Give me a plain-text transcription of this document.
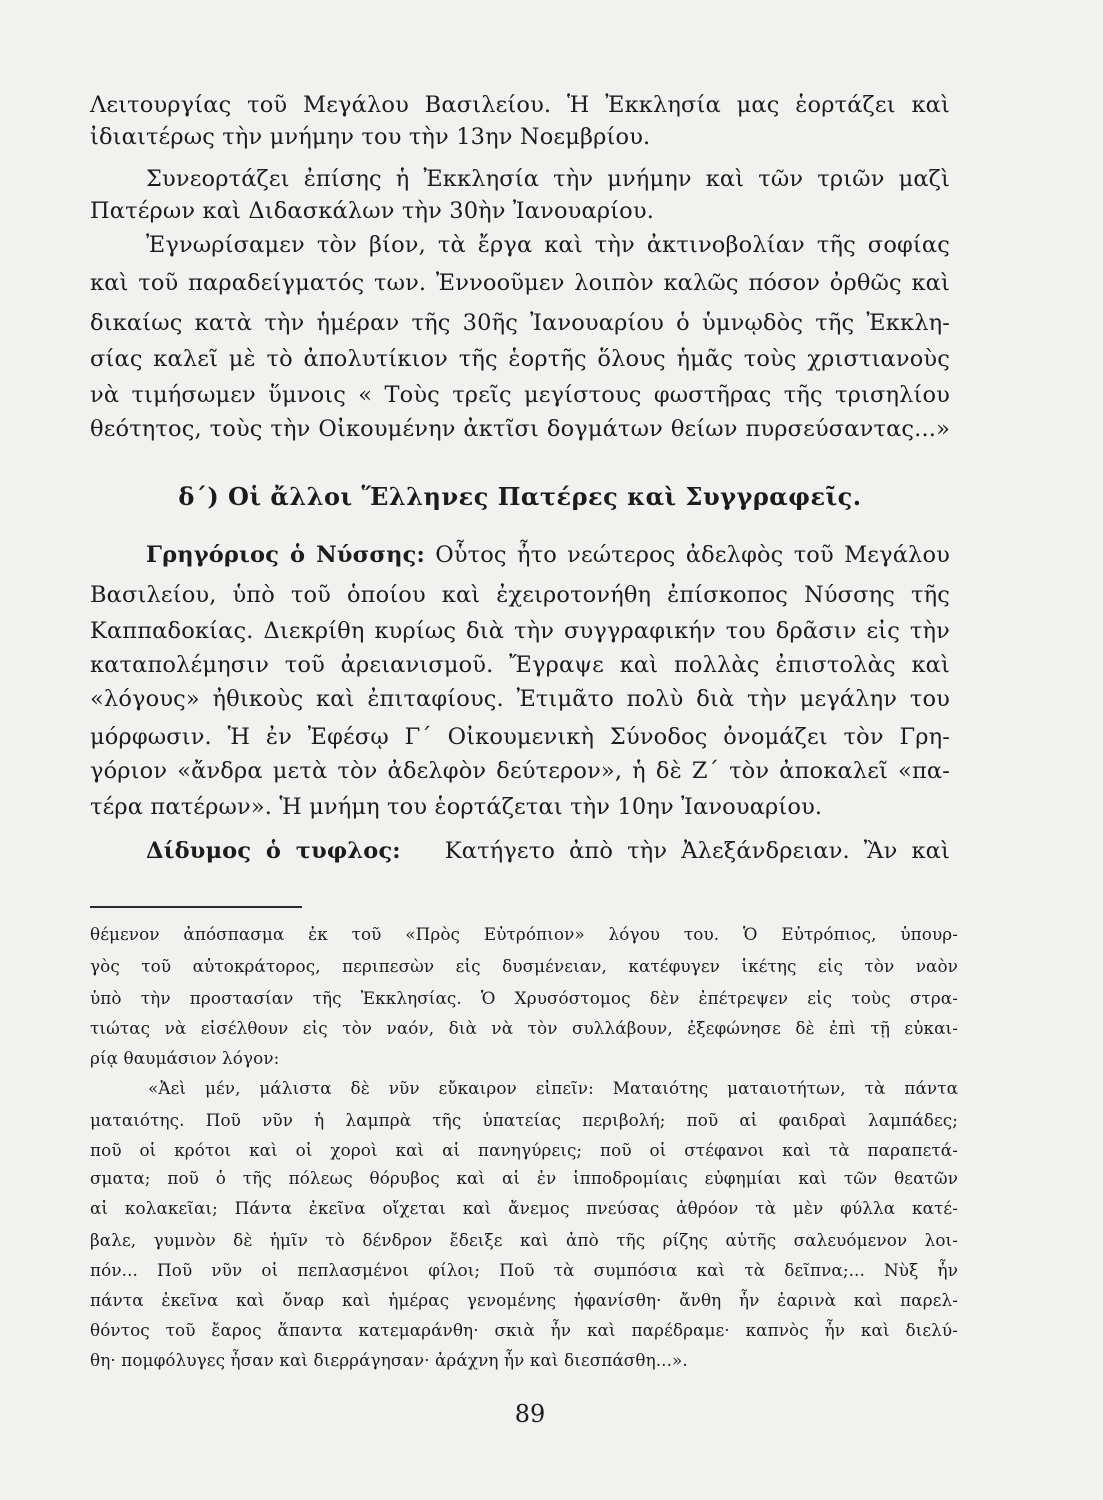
Λειτουργίας τοῦ Μεγάλου Βασιλείου. Ἡ Ἐκκλησία μας ἑορτάζει καὶ
ἰδιαιτέρως τὴν μνήμην του τὴν 13ην Νοεμβρίου.
Συνεορτάζει ἐπίσης ἡ Ἐκκλησία τὴν μνήμην καὶ τῶν τριῶν μαζὶ
Πατέρων καὶ Διδασκάλων τὴν 30ὴν Ἰανουαρίου.
Ἐγνωρίσαμεν τὸν βίον, τὰ ἔργα καὶ τὴν ἀκτινοβολίαν τῆς σοφίας
καὶ τοῦ παραδείγματός των. Ἐννοοῦμεν λοιπὸν καλῶς πόσον ὀρθῶς καὶ
δικαίως κατὰ τὴν ἡμέραν τῆς 30ῆς Ἰανουαρίου ὁ ὑμνῳδὸς τῆς Ἐκκλη-
σίας καλεῖ μὲ τὸ ἀπολυτίκιον τῆς ἑορτῆς ὅλους ἡμᾶς τοὺς χριστιανοὺς
νὰ τιμήσωμεν ὕμνοις « Τοὺς τρεῖς μεγίστους φωστῆρας τῆς τρισηλίου
θεότητος, τοὺς τὴν Οἰκουμένην ἀκτῖσι δογμάτων θείων πυρσεύσαντας...»
δ΄) Οἱ ἄλλοι Ἕλληνες Πατέρες καὶ Συγγραφεῖς.
Γρηγόριος ὁ Νύσσης: Οὗτος ἦτο νεώτερος ἀδελφὸς τοῦ Μεγάλου
Βασιλείου, ὑπὸ τοῦ ὁποίου καὶ ἐχειροτονήθη ἐπίσκοπος Νύσσης τῆς
Καππαδοκίας. Διεκρίθη κυρίως διὰ τὴν συγγραφικήν του δρᾶσιν εἰς τὴν
καταπολέμησιν τοῦ ἀρειανισμοῦ. Ἔγραψε καὶ πολλὰς ἐπιστολὰς καὶ
«λόγους» ἠθικοὺς καὶ ἐπιταφίους. Ἐτιμᾶτο πολὺ διὰ τὴν μεγάλην του
μόρφωσιν. Ἡ ἐν Ἐφέσῳ Γ΄ Οἰκουμενικὴ Σύνοδος ὀνομάζει τὸν Γρη-
γόριον «ἄνδρα μετὰ τὸν ἀδελφὸν δεύτερον», ἡ δὲ Ζ΄ τὸν ἀποκαλεῖ «πα-
τέρα πατέρων». Ἡ μνήμη του ἑορτάζεται τὴν 10ην Ἰανουαρίου.
Δίδυμος ὁ τυφλος: Κατήγετο ἀπὸ τὴν Ἀλεξάνδρειαν. Ἂν καὶ
θέμενον ἀπόσπασμα ἐκ τοῦ «Πρὸς Εὐτρόπιον» λόγου του. Ὁ Εὐτρόπιος, ὑπουρ-
γὸς τοῦ αὐτοκράτορος, περιπεσὼν εἰς δυσμένειαν, κατέφυγεν ἱκέτης εἰς τὸν ναὸν
ὑπὸ τὴν προστασίαν τῆς Ἐκκλησίας. Ὁ Χρυσόστομος δὲν ἐπέτρεψεν εἰς τοὺς στρα-
τιώτας νὰ εἰσέλθουν εἰς τὸν ναόν, διὰ νὰ τὸν συλλάβουν, ἐξεφώνησε δὲ ἐπὶ τῇ εὐκαι-
ρίᾳ θαυμάσιον λόγον:
«Ἀεὶ μέν, μάλιστα δὲ νῦν εὔκαιρον εἰπεῖν: Ματαιότης ματαιοτήτων, τὰ πάντα
ματαιότης. Ποῦ νῦν ἡ λαμπρὰ τῆς ὑπατείας περιβολή; ποῦ αἱ φαιδραὶ λαμπάδες;
ποῦ οἱ κρότοι καὶ οἱ χοροὶ καὶ αἱ πανηγύρεις; ποῦ οἱ στέφανοι καὶ τὰ παραπετά-
σματα; ποῦ ὁ τῆς πόλεως θόρυβος καὶ αἱ ἐν ἱπποδρομίαις εὐφημίαι καὶ τῶν θεατῶν
αἱ κολακεῖαι; Πάντα ἐκεῖνα οἴχεται καὶ ἄνεμος πνεύσας ἀθρόον τὰ μὲν φύλλα κατέ-
βαλε, γυμνὸν δὲ ἡμῖν τὸ δένδρον ἔδειξε καὶ ἀπὸ τῆς ρίζης αὐτῆς σαλευόμενον λοι-
πόν... Ποῦ νῦν οἱ πεπλασμένοι φίλοι; Ποῦ τὰ συμπόσια καὶ τὰ δεῖπνα;... Νὺξ ἦν
πάντα ἐκεῖνα καὶ ὄναρ καὶ ἡμέρας γενομένης ἠφανίσθη· ἄνθη ἦν ἐαρινὰ καὶ παρελ-
θόντος τοῦ ἔαρος ἅπαντα κατεμαράνθη· σκιὰ ἦν καὶ παρέδραμε· καπνὸς ἦν καὶ διελύ-
θη· πομφόλυγες ἦσαν καὶ διερράγησαν· ἀράχνη ἦν καὶ διεσπάσθη...».
89
